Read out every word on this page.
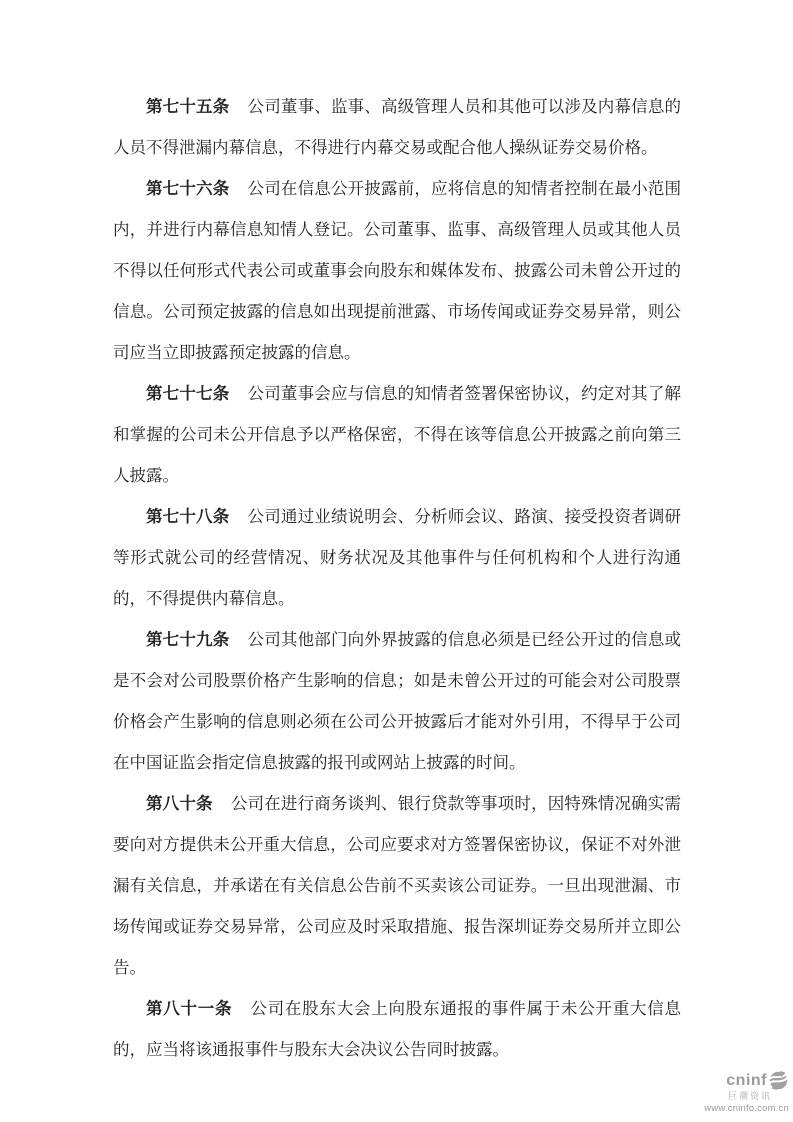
第七十五条 公司董事、监事、高级管理人员和其他可以涉及内幕信息的人员不得泄漏内幕信息，不得进行内幕交易或配合他人操纵证券交易价格。

第七十六条 公司在信息公开披露前，应将信息的知情者控制在最小范围内，并进行内幕信息知情人登记。公司董事、监事、高级管理人员或其他人员不得以任何形式代表公司或董事会向股东和媒体发布、披露公司未曾公开过的信息。公司预定披露的信息如出现提前泄露、市场传闻或证券交易异常，则公司应当立即披露预定披露的信息。

第七十七条 公司董事会应与信息的知情者签署保密协议，约定对其了解和掌握的公司未公开信息予以严格保密，不得在该等信息公开披露之前向第三人披露。

第七十八条 公司通过业绩说明会、分析师会议、路演、接受投资者调研等形式就公司的经营情况、财务状况及其他事件与任何机构和个人进行沟通的，不得提供内幕信息。

第七十九条 公司其他部门向外界披露的信息必须是已经公开过的信息或是不会对公司股票价格产生影响的信息；如是未曾公开过的可能会对公司股票价格会产生影响的信息则必须在公司公开披露后才能对外引用，不得早于公司在中国证监会指定信息披露的报刊或网站上披露的时间。

第八十条 公司在进行商务谈判、银行贷款等事项时，因特殊情况确实需要向对方提供未公开重大信息，公司应要求对方签署保密协议，保证不对外泄漏有关信息，并承诺在有关信息公告前不买卖该公司证券。一旦出现泄漏、市场传闻或证券交易异常，公司应及时采取措施、报告深圳证券交易所并立即公告。

第八十一条 公司在股东大会上向股东通报的事件属于未公开重大信息的，应当将该通报事件与股东大会决议公告同时披露。

cninf
巨潮资讯
www.cninfo.com.cn
